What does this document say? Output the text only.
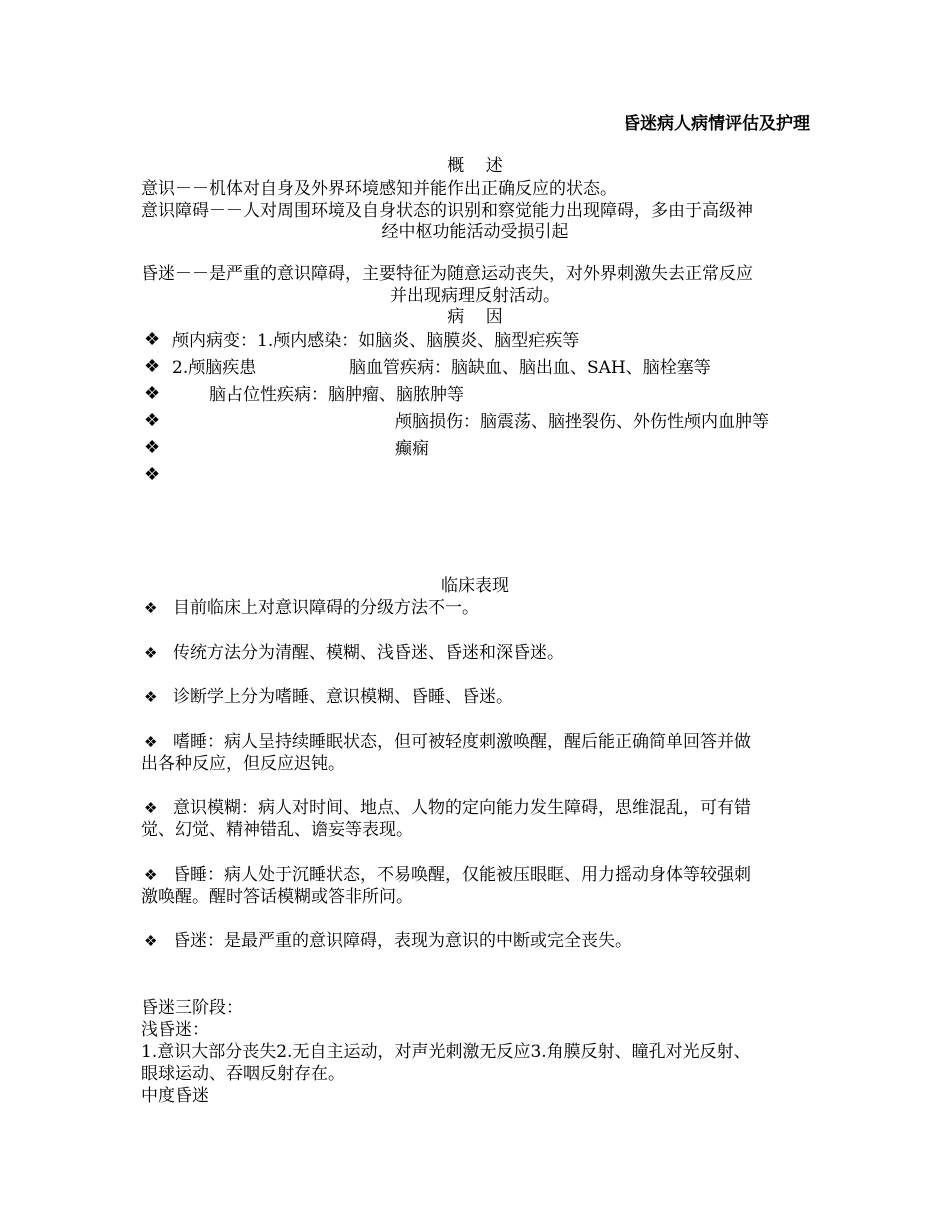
昏迷病人病情评估及护理
概    述
意识－－机体对自身及外界环境感知并能作出正确反应的状态。
意识障碍－－人对周围环境及自身状态的识别和察觉能力出现障碍，多由于高级神
经中枢功能活动受损引起
昏迷－－是严重的意识障碍，主要特征为随意运动丧失，对外界刺激失去正常反应
并出现病理反射活动。
病    因
❖ 颅内病变：1.颅内感染：如脑炎、脑膜炎、脑型疟疾等
❖ 2.颅脑疾患	脑血管疾病：脑缺血、脑出血、SAH、脑栓塞等
❖	脑占位性疾病：脑肿瘤、脑脓肿等
❖	颅脑损伤：脑震荡、脑挫裂伤、外伤性颅内血肿等
❖	癫痫
❖
临床表现
❖ 目前临床上对意识障碍的分级方法不一。
❖ 传统方法分为清醒、模糊、浅昏迷、昏迷和深昏迷。
❖ 诊断学上分为嗜睡、意识模糊、昏睡、昏迷。
❖ 嗜睡：病人呈持续睡眠状态，但可被轻度刺激唤醒，醒后能正确简单回答并做
出各种反应，但反应迟钝。
❖ 意识模糊：病人对时间、地点、人物的定向能力发生障碍，思维混乱，可有错
觉、幻觉、精神错乱、谵妄等表现。
❖ 昏睡：病人处于沉睡状态，不易唤醒，仅能被压眼眶、用力摇动身体等较强刺
激唤醒。醒时答话模糊或答非所问。
❖ 昏迷：是最严重的意识障碍，表现为意识的中断或完全丧失。
昏迷三阶段：
浅昏迷：
1.意识大部分丧失2.无自主运动，对声光刺激无反应3.角膜反射、瞳孔对光反射、
眼球运动、吞咽反射存在。
中度昏迷
